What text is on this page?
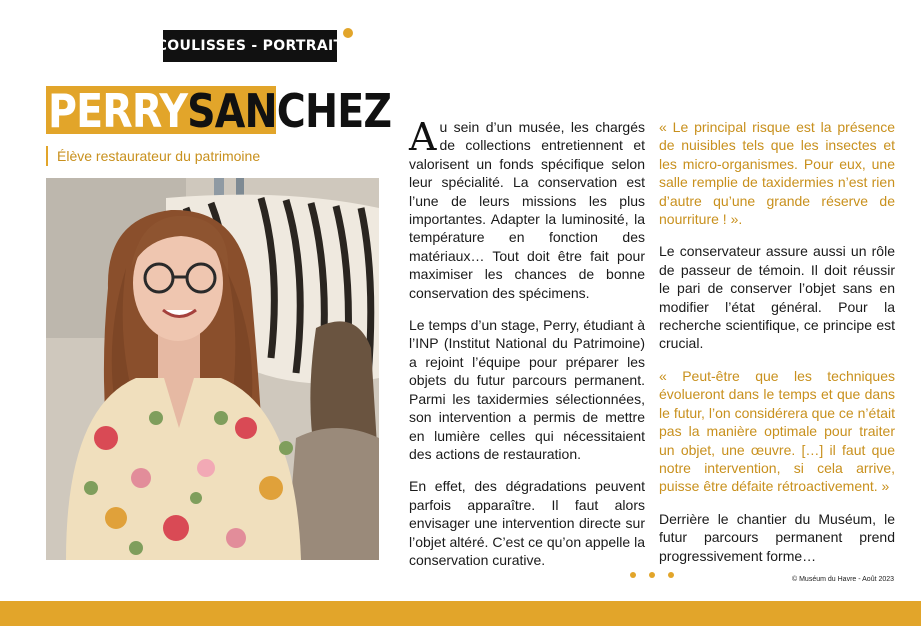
[ COULISSES - PORTRAIT ]
PERRYSANCHEZ
Élève restaurateur du patrimoine	Au sein d’un musée, les chargés de collections entretiennent et valorisent un fonds spécifique selon leur spécialité. La conservation est l’une de leurs missions les plus importantes. Adapter la luminosité, la température en fonction des matériaux… Tout doit être fait pour maximiser les chances de bonne conservation des spécimens.

Le temps d’un stage, Perry, étudiant à l’INP (Institut National du Patrimoine) a rejoint l’équipe pour préparer les objets du futur parcours permanent. Parmi les taxidermies sélectionnées, son intervention a permis de mettre en lumière celles qui nécessitaient des actions de restauration.

En effet, des dégradations peuvent parfois apparaître. Il faut alors envisager une intervention directe sur l’objet altéré. C’est ce qu’on appelle la conservation curative.

« Le principal risque est la présence de nuisibles tels que les insectes et les micro-organismes. Pour eux, une salle remplie de taxidermies n’est rien d’autre qu’une grande réserve de nourriture ! ».

Le conservateur assure aussi un rôle de passeur de témoin. Il doit réussir le pari de conserver l’objet sans en modifier l’état général. Pour la recherche scientifique, ce principe est crucial.

« Peut-être que les techniques évolueront dans le temps et que dans le futur, l’on considérera que ce n’était pas la manière optimale pour traiter un objet, une œuvre. […] il faut que notre intervention, si cela arrive, puisse être défaite rétroactivement. »

Derrière le chantier du Muséum, le futur parcours permanent prend progressivement forme…

© Muséum du Havre - Août 2023
